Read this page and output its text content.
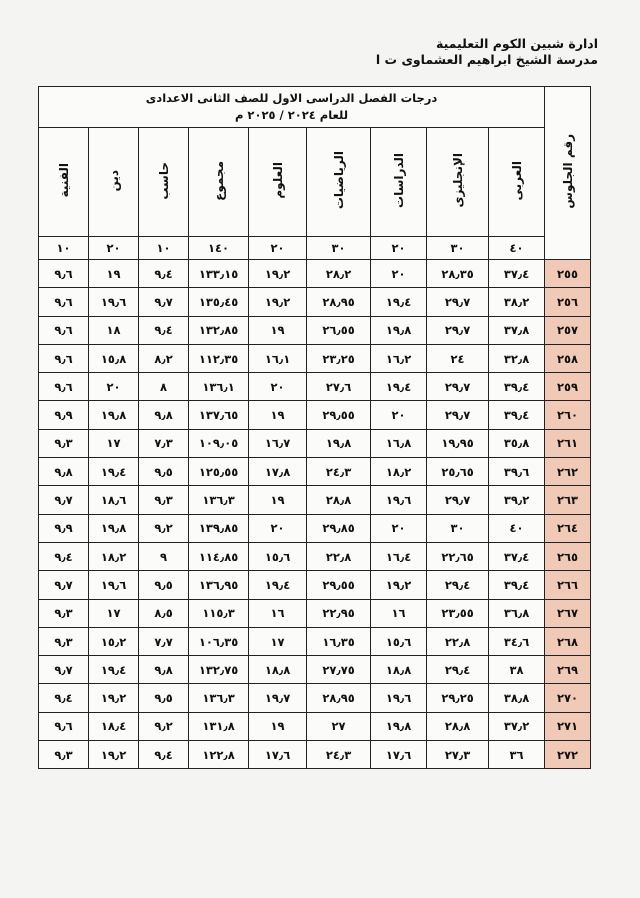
ادارة شبين الكوم التعليمية
مدرسة الشيخ ابراهيم العشماوى ت ا
رقم الجلوس	درجات الفصل الدراسى الاول للصف الثانى الاعدادى
للعام ٢٠٢٤ / ٢٠٢٥ م								

	العربى	الإنجليزى	الدراسات	الرياضيات	العلوم	مجموع	حاسب	دين	الفنية
	٤٠	٣٠	٢٠	٣٠	٢٠	١٤٠	١٠	٢٠	١٠
٢٥٥	٣٧٫٤	٢٨٫٣٥	٢٠	٢٨٫٢	١٩٫٢	١٣٣٫١٥	٩٫٤	١٩	٩٫٦
٢٥٦	٣٨٫٢	٢٩٫٧	١٩٫٤	٢٨٫٩٥	١٩٫٢	١٣٥٫٤٥	٩٫٧	١٩٫٦	٩٫٦
٢٥٧	٣٧٫٨	٢٩٫٧	١٩٫٨	٢٦٫٥٥	١٩	١٣٢٫٨٥	٩٫٤	١٨	٩٫٦
٢٥٨	٣٢٫٨	٢٤	١٦٫٢	٢٣٫٢٥	١٦٫١	١١٢٫٣٥	٨٫٢	١٥٫٨	٩٫٦
٢٥٩	٣٩٫٤	٢٩٫٧	١٩٫٤	٢٧٫٦	٢٠	١٣٦٫١	٨	٢٠	٩٫٦
٢٦٠	٣٩٫٤	٢٩٫٧	٢٠	٢٩٫٥٥	١٩	١٣٧٫٦٥	٩٫٨	١٩٫٨	٩٫٩
٢٦١	٣٥٫٨	١٩٫٩٥	١٦٫٨	١٩٫٨	١٦٫٧	١٠٩٫٠٥	٧٫٣	١٧	٩٫٣
٢٦٢	٣٩٫٦	٢٥٫٦٥	١٨٫٢	٢٤٫٣	١٧٫٨	١٢٥٫٥٥	٩٫٥	١٩٫٤	٩٫٨
٢٦٣	٣٩٫٢	٢٩٫٧	١٩٫٦	٢٨٫٨	١٩	١٣٦٫٣	٩٫٣	١٨٫٦	٩٫٧
٢٦٤	٤٠	٣٠	٢٠	٢٩٫٨٥	٢٠	١٣٩٫٨٥	٩٫٢	١٩٫٨	٩٫٩
٢٦٥	٣٧٫٤	٢٢٫٦٥	١٦٫٤	٢٢٫٨	١٥٫٦	١١٤٫٨٥	٩	١٨٫٢	٩٫٤
٢٦٦	٣٩٫٤	٢٩٫٤	١٩٫٢	٢٩٫٥٥	١٩٫٤	١٣٦٫٩٥	٩٫٥	١٩٫٦	٩٫٧
٢٦٧	٣٦٫٨	٢٣٫٥٥	١٦	٢٢٫٩٥	١٦	١١٥٫٣	٨٫٥	١٧	٩٫٣
٢٦٨	٣٤٫٦	٢٢٫٨	١٥٫٦	١٦٫٣٥	١٧	١٠٦٫٣٥	٧٫٧	١٥٫٢	٩٫٣
٢٦٩	٣٨	٢٩٫٤	١٨٫٨	٢٧٫٧٥	١٨٫٨	١٣٢٫٧٥	٩٫٨	١٩٫٤	٩٫٧
٢٧٠	٣٨٫٨	٢٩٫٢٥	١٩٫٦	٢٨٫٩٥	١٩٫٧	١٣٦٫٣	٩٫٥	١٩٫٢	٩٫٤
٢٧١	٣٧٫٢	٢٨٫٨	١٩٫٨	٢٧	١٩	١٣١٫٨	٩٫٢	١٨٫٤	٩٫٦
٢٧٢	٣٦	٢٧٫٣	١٧٫٦	٢٤٫٣	١٧٫٦	١٢٢٫٨	٩٫٤	١٩٫٢	٩٫٣
